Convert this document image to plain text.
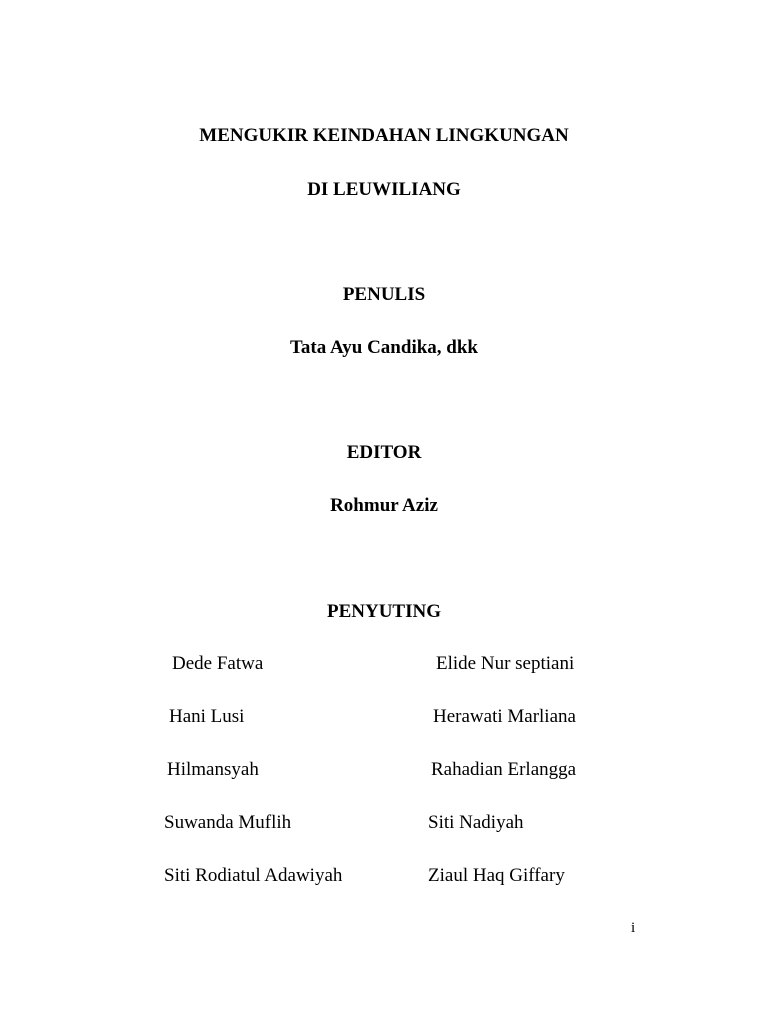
MENGUKIR KEINDAHAN LINGKUNGAN
DI LEUWILIANG
PENULIS
Tata Ayu Candika, dkk
EDITOR
Rohmur Aziz
PENYUTING
Dede Fatwa	Elide Nur septiani
Hani Lusi	Herawati Marliana
Hilmansyah	Rahadian Erlangga
Suwanda Muflih	Siti Nadiyah
Siti Rodiatul Adawiyah	Ziaul Haq Giffary
i
